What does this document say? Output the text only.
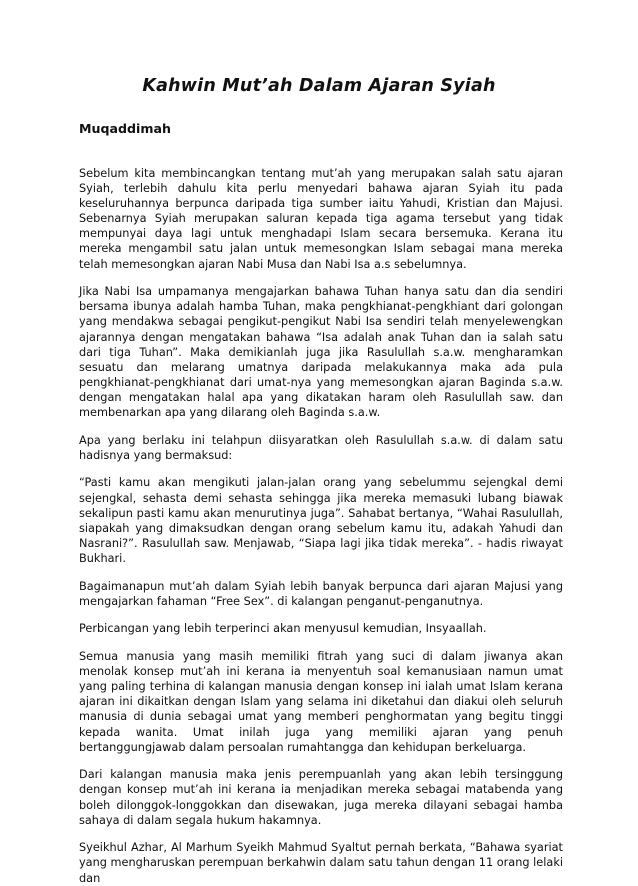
Kahwin Mut’ah Dalam Ajaran Syiah
Muqaddimah

Sebelum kita membincangkan tentang mut’ah yang merupakan salah satu ajaran Syiah, terlebih dahulu kita perlu menyedari bahawa ajaran Syiah itu pada keseluruhannya berpunca daripada tiga sumber iaitu Yahudi, Kristian dan Majusi. Sebenarnya Syiah merupakan saluran kepada tiga agama tersebut yang tidak mempunyai daya lagi untuk menghadapi Islam secara bersemuka. Kerana itu mereka mengambil satu jalan untuk memesongkan Islam sebagai mana mereka telah memesongkan ajaran Nabi Musa dan Nabi Isa a.s sebelumnya.

Jika Nabi Isa umpamanya mengajarkan bahawa Tuhan hanya satu dan dia sendiri bersama ibunya adalah hamba Tuhan, maka pengkhianat-pengkhiant dari golongan yang mendakwa sebagai pengikut-pengikut Nabi Isa sendiri telah menyelewengkan ajarannya dengan mengatakan bahawa “Isa adalah anak Tuhan dan ia salah satu dari tiga Tuhan”. Maka demikianlah juga jika Rasulullah s.a.w. mengharamkan sesuatu dan melarang umatnya daripada melakukannya maka ada pula pengkhianat-pengkhianat dari umat-nya yang memesongkan ajaran Baginda s.a.w. dengan mengatakan halal apa yang dikatakan haram oleh Rasulullah saw. dan membenarkan apa yang dilarang oleh Baginda s.a.w.

Apa yang berlaku ini telahpun diisyaratkan oleh Rasulullah s.a.w. di dalam satu hadisnya yang bermaksud:

“Pasti kamu akan mengikuti jalan-jalan orang yang sebelummu sejengkal demi sejengkal, sehasta demi sehasta sehingga jika mereka memasuki lubang biawak sekalipun pasti kamu akan menurutinya juga”. Sahabat bertanya, “Wahai Rasulullah, siapakah yang dimaksudkan dengan orang sebelum kamu itu, adakah Yahudi dan Nasrani?”. Rasulullah saw. Menjawab, “Siapa lagi jika tidak mereka”. - hadis riwayat Bukhari.

Bagaimanapun mut’ah dalam Syiah lebih banyak berpunca dari ajaran Majusi yang mengajarkan fahaman “Free Sex”. di kalangan penganut-penganutnya.

Perbicangan yang lebih terperinci akan menyusul kemudian, Insyaallah.

Semua manusia yang masih memiliki fitrah yang suci di dalam jiwanya akan menolak konsep mut’ah ini kerana ia menyentuh soal kemanusiaan namun umat yang paling terhina di kalangan manusia dengan konsep ini ialah umat Islam kerana ajaran ini dikaitkan dengan Islam yang selama ini diketahui dan diakui oleh seluruh manusia di dunia sebagai umat yang memberi penghormatan yang begitu tinggi kepada wanita. Umat inilah juga yang memiliki ajaran yang penuh bertanggungjawab dalam persoalan rumahtangga dan kehidupan berkeluarga.

Dari kalangan manusia maka jenis perempuanlah yang akan lebih tersinggung dengan konsep mut’ah ini kerana ia menjadikan mereka sebagai matabenda yang boleh dilonggok-longgokkan dan disewakan, juga mereka dilayani sebagai hamba sahaya di dalam segala hukum hakamnya.

Syeikhul Azhar, Al Marhum Syeikh Mahmud Syaltut pernah berkata, “Bahawa syariat yang mengharuskan perempuan berkahwin dalam satu tahun dengan 11 orang lelaki dan
